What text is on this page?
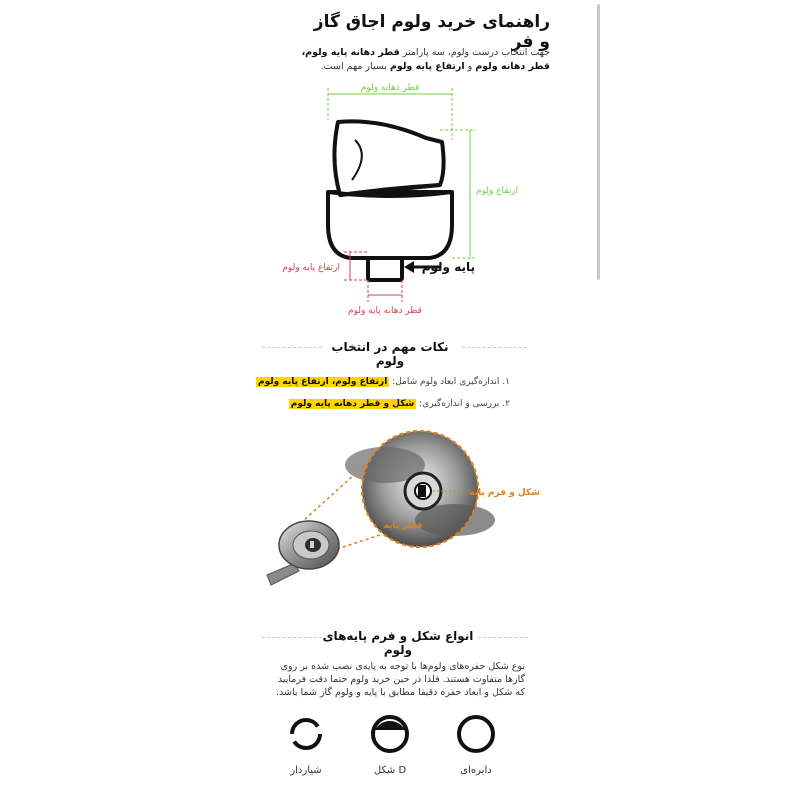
راهنمای خرید ولوم اجاق گاز و فر
جهت انتخاب درست ولوم، سه پارامتر قطر دهانه پایه ولوم، قطر دهانه ولوم و ارتفاع پایه ولوم بسیار مهم است.
قطر دهانه ولوم
ارتفاع ولوم
پایه ولوم
ارتفاع پایه ولوم
قطر دهانه پایه ولوم
نکات مهم در انتخاب ولوم
۱. اندازه‌گیری ابعاد ولوم شامل: ارتفاع ولوم، ارتفاع پایه ولوم
۲. بررسی و اندازه‌گیری: شکل و قطر دهانه پایه ولوم
شکل و فرم پایه
قطر پایه
انواع شکل و فرم پایه‌های ولوم
نوع شکل حفره‌های ولوم‌ها با توجه به پایه‌ی نصب شده بر روی گازها متفاوت هستند. فلذا در حین خرید ولوم حتما دقت فرمایید که شکل و ابعاد حفره دقیقا مطابق با پایه و ولوم گاز شما باشد.
شیاردار	D شکل	دایره‌ای
